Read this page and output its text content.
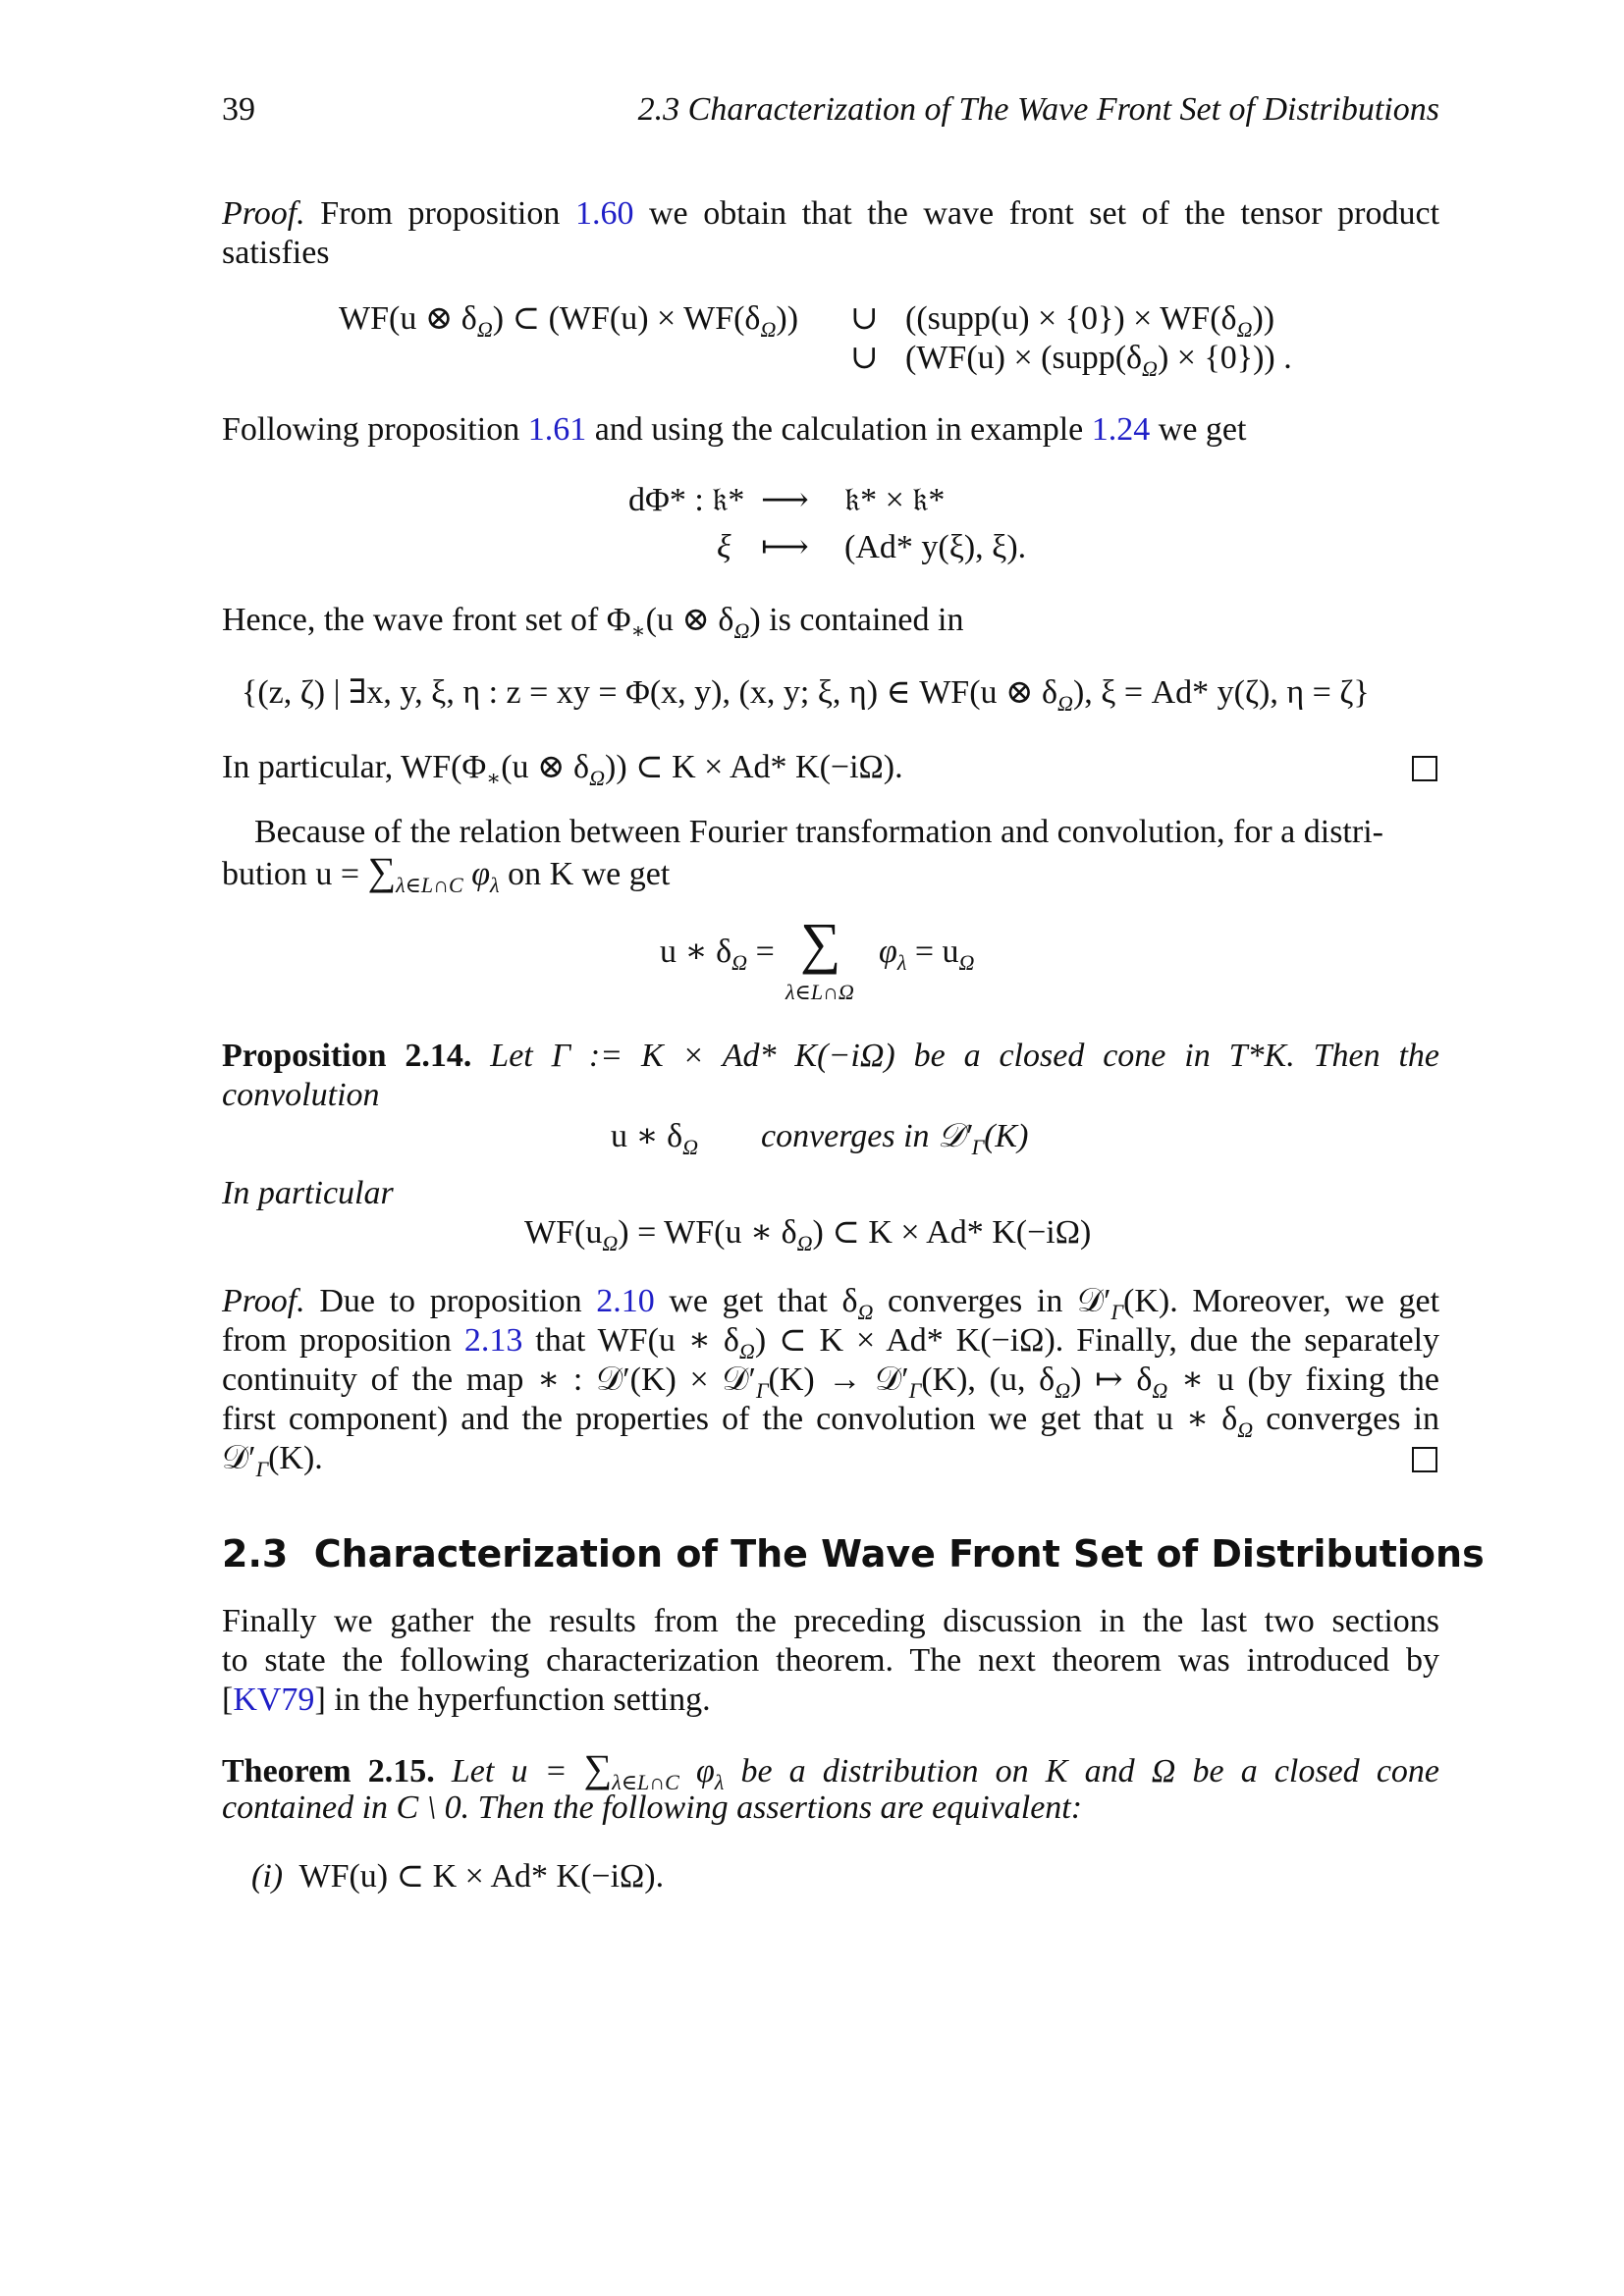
39	2.3 Characterization of The Wave Front Set of Distributions
Proof. From proposition 1.60 we obtain that the wave front set of the tensor product
satisfies
WF(u ⊗ $\delta_\Omega$) ⊂ $(WF(u) \times WF(\delta_\Omega))$ ∪ ((supp(u) × $\{0\}) \times WF(\delta_\Omega)$)
∪ $(WF(u) \times (supp(\delta_\Omega) \times \{0\}))$ .
Following proposition 1.61 and using the calculation in example 1.24 we get
dΦ* : 𝔨* ⟶ 𝔨* × 𝔨*
ξ ⟼ (Ad* y(ξ), ξ).
Hence, the wave front set of $\Phi_∗(u$ ⊗ $\delta_\Omega$) is contained in
{(z, ζ) | ∃x, y, ξ, η : z = xy = Φ(x, y), (x, y; ξ, η) ∈ WF(u ⊗ $\delta_\Omega$), ξ = Ad* y(ζ), η = ζ}
In particular, $WF(\Phi_∗(u$ ⊗ $\delta_\Omega$)) ⊂ K × Ad* K(−iΩ).
Because of the relation between Fourier transformation and convolution, for a distri-
bution $u = \sum_{\lambda\in L\cap C}$ $\varphi_\lambda$ on K we get
u ∗ $\delta_\Omega$ = ∑
λ∈L∩Ω
$\varphi_\lambda = u_\Omega$
Proposition 2.14. Let Γ := K × Ad* K(−iΩ) be a closed cone in T*K. Then the
convolution
u ∗ $\delta_\Omega$ converges in $𝒟'_\Gamma(K)$
In particular
$WF(u_\Omega) = WF(u$ ∗ $\delta_\Omega$) ⊂ K × Ad* K(−iΩ)
Proof. Due to proposition 2.10 we get that $\delta_\Omega$ converges in $𝒟'_\Gamma(K)$. Moreover, we get
from proposition 2.13 that WF(u ∗ $\delta_\Omega$) ⊂ K × Ad* K(−iΩ). Finally, due the separately
continuity of the map ∗ : 𝒟′(K) × $𝒟'_\Gamma(K)$ → $𝒟'_\Gamma(K)$, (u, $\delta_\Omega$) ↦ $\delta_\Omega$ ∗ u (by fixing the
first component) and the properties of the convolution we get that u ∗ $\delta_\Omega$ converges in
$𝒟'_\Gamma(K)$.
2.3 Characterization of The Wave Front Set of Distributions
Finally we gather the results from the preceding discussion in the last two sections
to state the following characterization theorem. The next theorem was introduced by
[KV79] in the hyperfunction setting.
Theorem 2.15. Let $u = \sum_{\lambda\in L\cap C}$ $\varphi_\lambda$ be a distribution on K and Ω be a closed cone
contained in C \ 0. Then the following assertions are equivalent:
(i) WF(u) ⊂ K × Ad* K(−iΩ).
